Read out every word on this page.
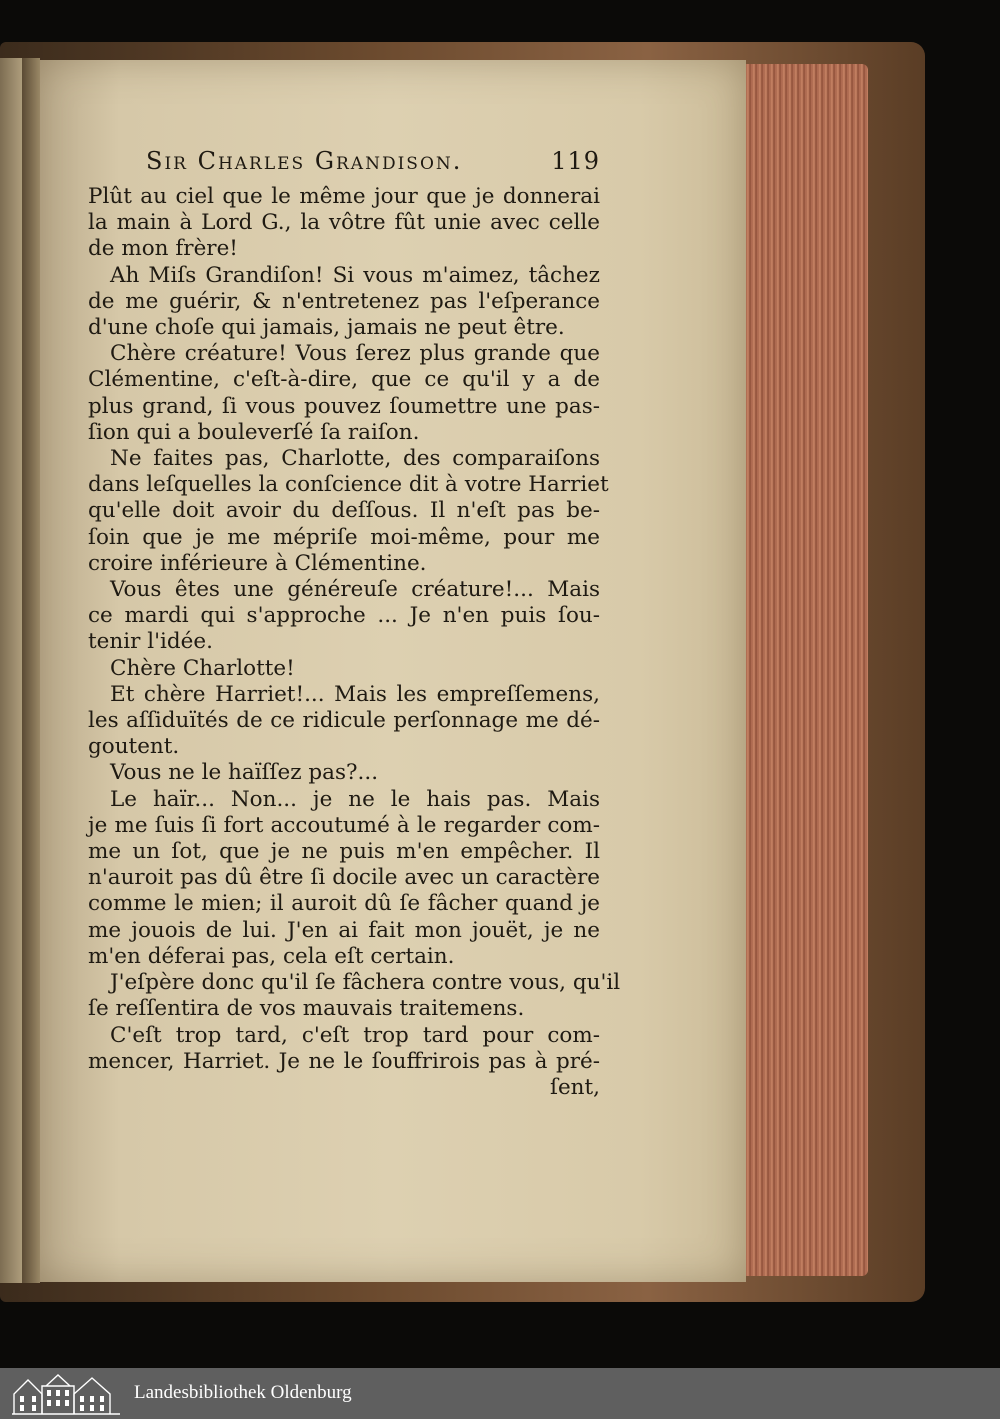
Sir Charles Grandison.	119
Plût au ciel que le même jour que je donnerai
la main à Lord G., la vôtre fût unie avec celle
de mon frère!
Ah Miſs Grandiſon! Si vous m'aimez, tâchez
de me guérir, & n'entretenez pas l'eſperance
d'une choſe qui jamais, jamais ne peut être.
Chère créature! Vous ſerez plus grande que
Clémentine, c'eſt-à-dire, que ce qu'il y a de
plus grand, ſi vous pouvez ſoumettre une pas-
ſion qui a bouleverſé ſa raiſon.
Ne faites pas, Charlotte, des comparaiſons
dans leſquelles la conſcience dit à votre Harriet
qu'elle doit avoir du deſſous. Il n'eſt pas be-
ſoin que je me mépriſe moi-même, pour me
croire inférieure à Clémentine.
Vous êtes une généreuſe créature!... Mais
ce mardi qui s'approche ... Je n'en puis ſou-
tenir l'idée.
Chère Charlotte!
Et chère Harriet!... Mais les empreſſemens,
les aſſiduïtés de ce ridicule perſonnage me dé-
goutent.
Vous ne le haïſſez pas?...
Le haïr... Non... je ne le hais pas. Mais
je me ſuis ſi fort accoutumé à le regarder com-
me un ſot, que je ne puis m'en empêcher. Il
n'auroit pas dû être ſi docile avec un caractère
comme le mien; il auroit dû ſe fâcher quand je
me jouois de lui. J'en ai fait mon jouët, je ne
m'en déferai pas, cela eſt certain.
J'eſpère donc qu'il ſe fâchera contre vous, qu'il
ſe reſſentira de vos mauvais traitemens.
C'eſt trop tard, c'eſt trop tard pour com-
mencer, Harriet. Je ne le ſouffrirois pas à pré-
ſent,
Landesbibliothek Oldenburg
